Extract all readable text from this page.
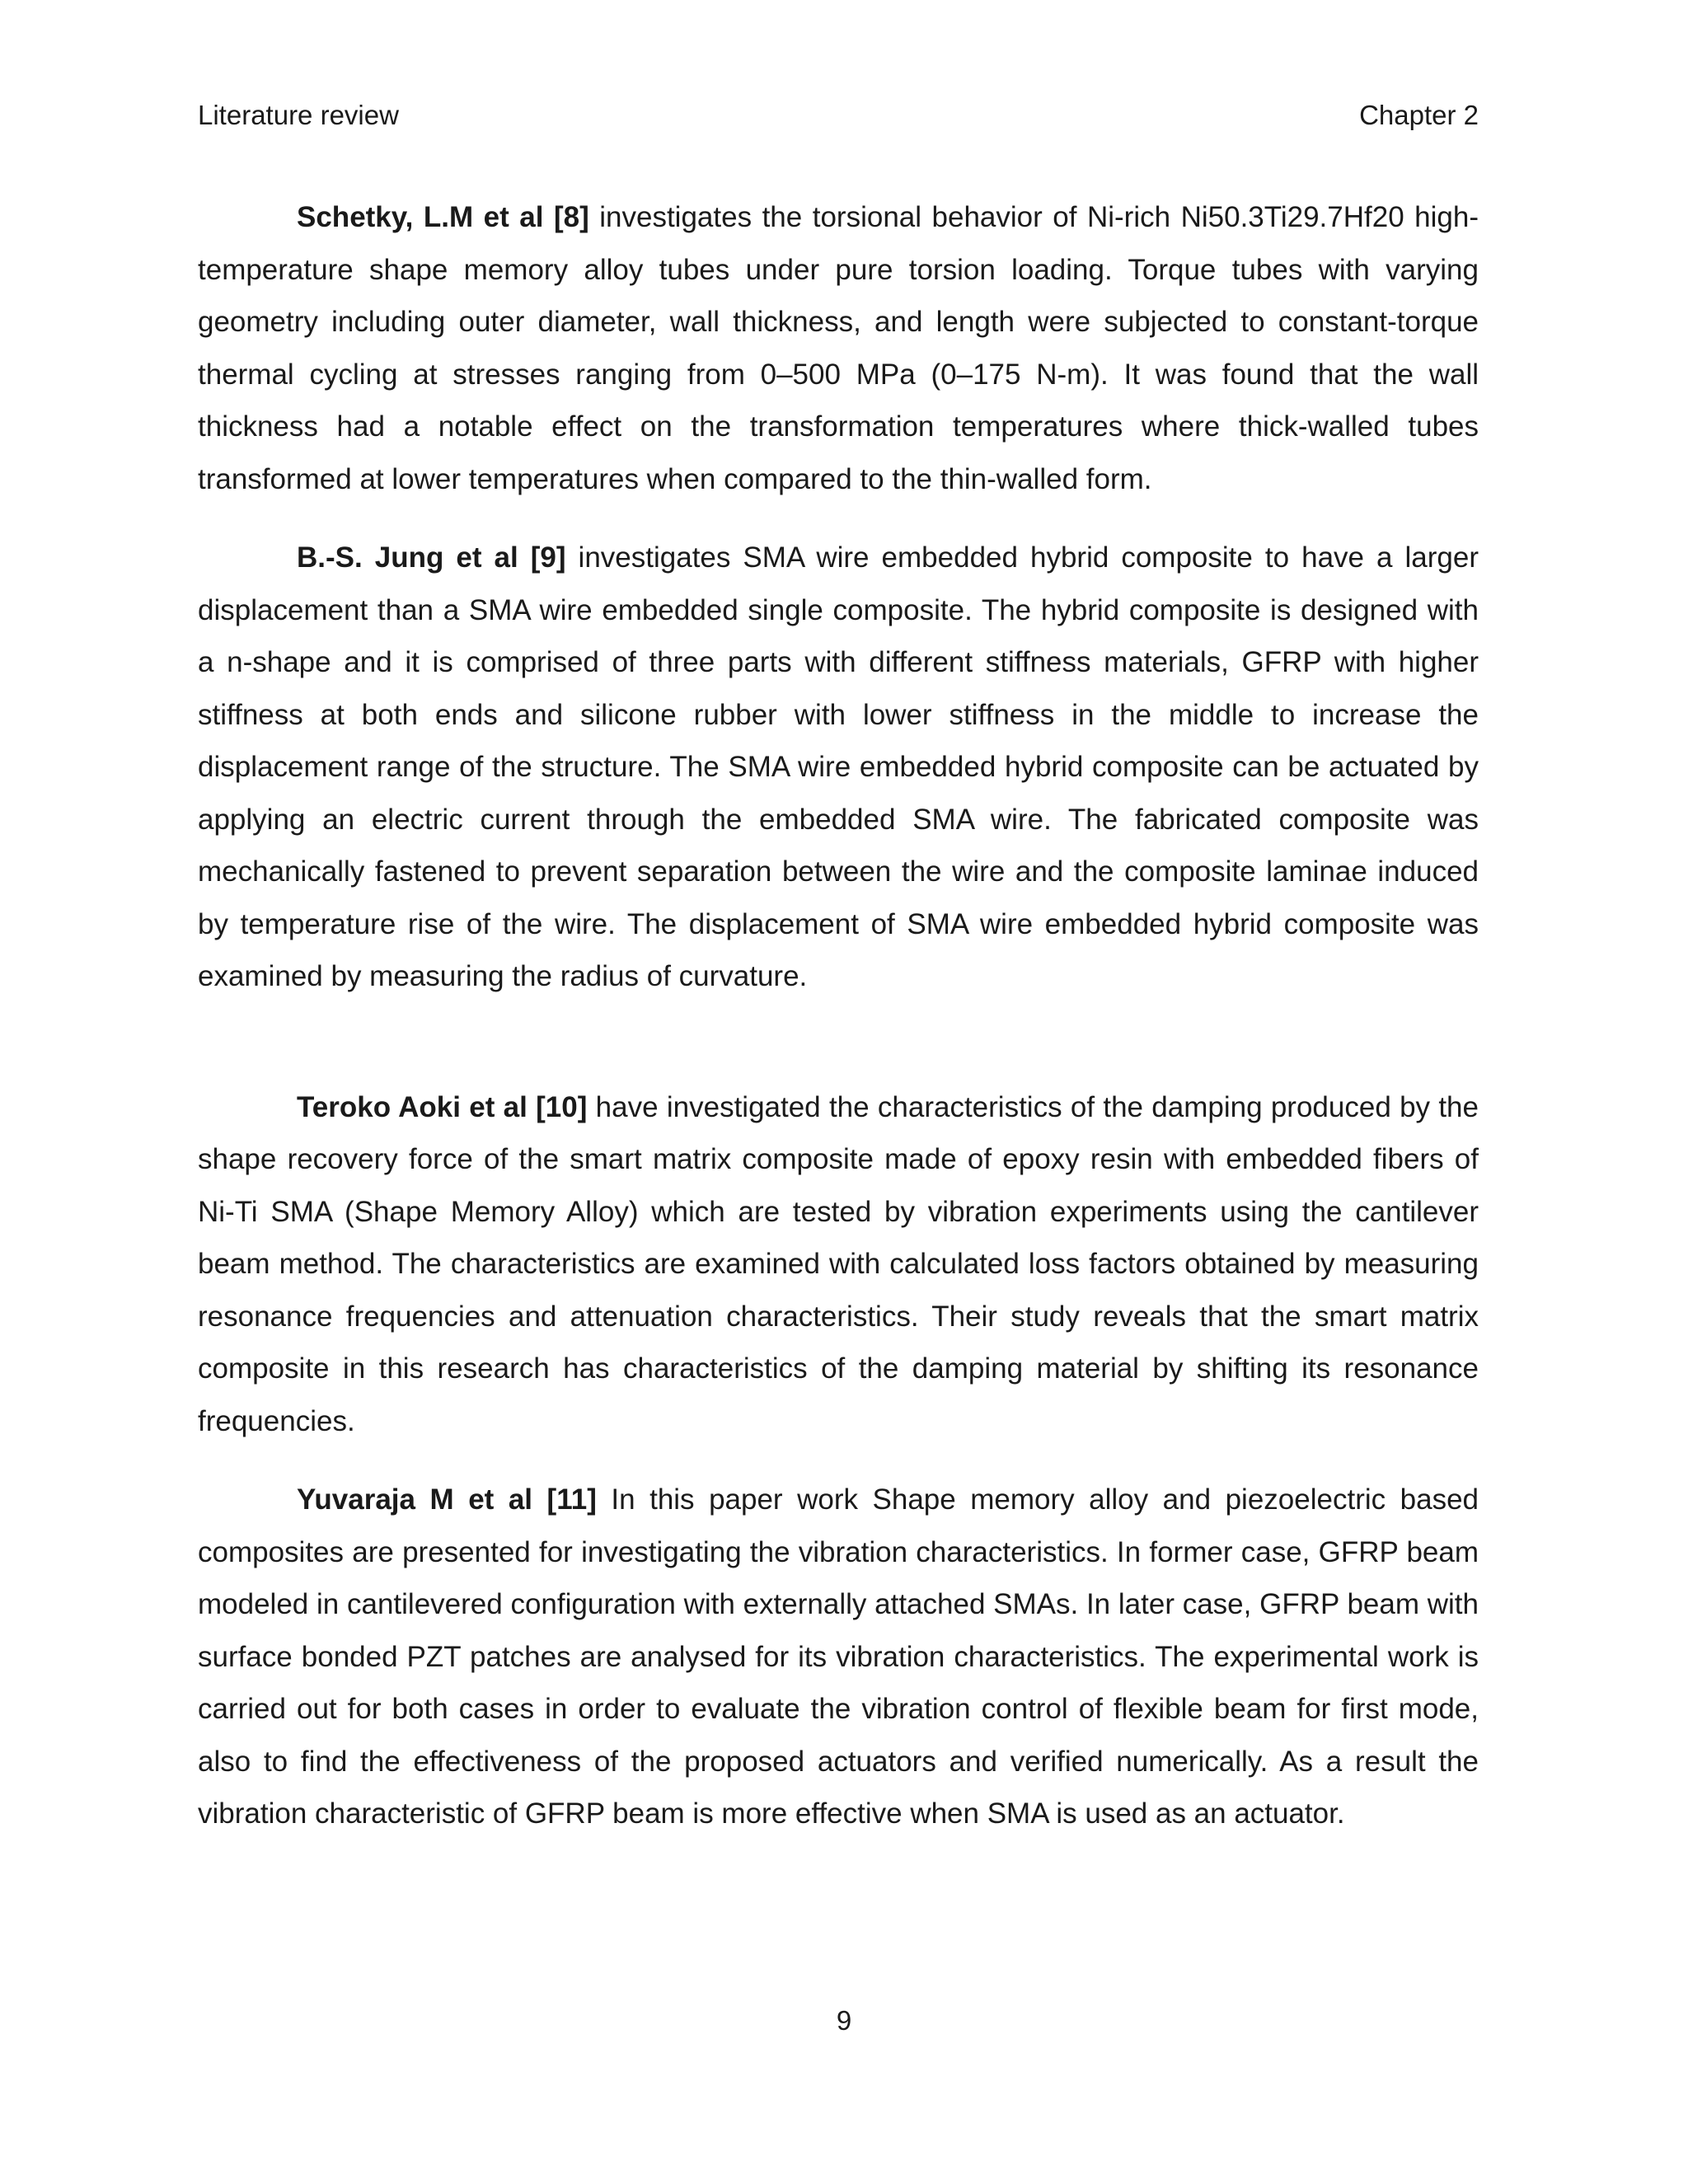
Literature review	Chapter 2

Schetky, L.M et al [8] investigates the torsional behavior of Ni-rich Ni50.3Ti29.7Hf20 high-temperature shape memory alloy tubes under pure torsion loading. Torque tubes with varying geometry including outer diameter, wall thickness, and length were subjected to constant-torque thermal cycling at stresses ranging from 0–500 MPa (0–175 N-m). It was found that the wall thickness had a notable effect on the transformation temperatures where thick-walled tubes transformed at lower temperatures when compared to the thin-walled form.

B.-S. Jung et al [9] investigates SMA wire embedded hybrid composite to have a larger displacement than a SMA wire embedded single composite. The hybrid composite is designed with a n-shape and it is comprised of three parts with different stiffness materials, GFRP with higher stiffness at both ends and silicone rubber with lower stiffness in the middle to increase the displacement range of the structure. The SMA wire embedded hybrid composite can be actuated by applying an electric current through the embedded SMA wire. The fabricated composite was mechanically fastened to prevent separation between the wire and the composite laminae induced by temperature rise of the wire. The displacement of SMA wire embedded hybrid composite was examined by measuring the radius of curvature.

Teroko Aoki et al [10] have investigated the characteristics of the damping produced by the shape recovery force of the smart matrix composite made of epoxy resin with embedded fibers of Ni-Ti SMA (Shape Memory Alloy) which are tested by vibration experiments using the cantilever beam method. The characteristics are examined with calculated loss factors obtained by measuring resonance frequencies and attenuation characteristics. Their study reveals that the smart matrix composite in this research has characteristics of the damping material by shifting its resonance frequencies.

Yuvaraja M et al [11] In this paper work Shape memory alloy and piezoelectric based composites are presented for investigating the vibration characteristics. In former case, GFRP beam modeled in cantilevered configuration with externally attached SMAs. In later case, GFRP beam with surface bonded PZT patches are analysed for its vibration characteristics. The experimental work is carried out for both cases in order to evaluate the vibration control of flexible beam for first mode, also to find the effectiveness of the proposed actuators and verified numerically. As a result the vibration characteristic of GFRP beam is more effective when SMA is used as an actuator.

9
